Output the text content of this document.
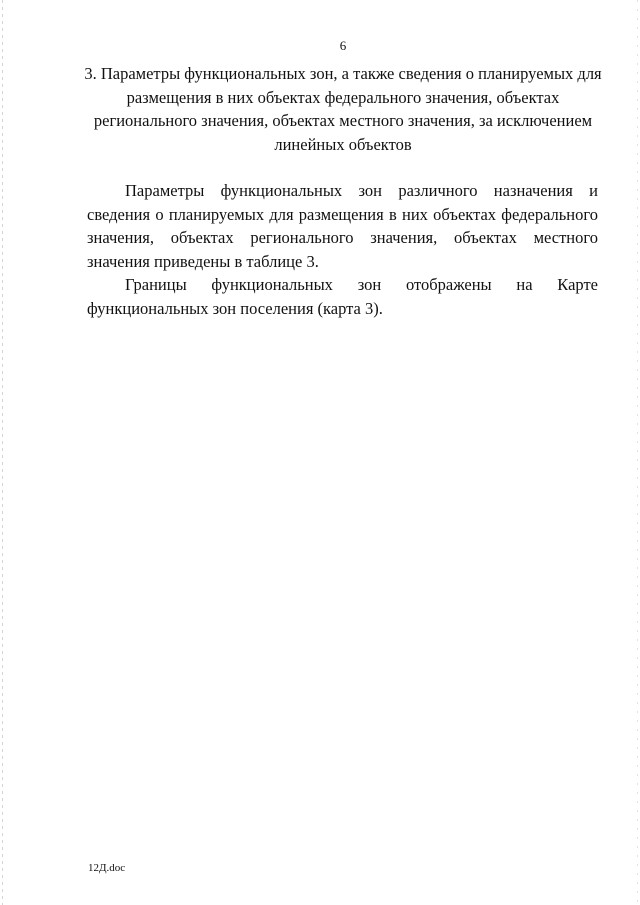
6
3. Параметры функциональных зон, а также сведения о планируемых для размещения в них объектах федерального значения, объектах регионального значения, объектах местного значения, за исключением линейных объектов

Параметры функциональных зон различного назначения и сведения о планируемых для размещения в них объектах федерального значения, объектах регионального значения, объектах местного значения приведены в таблице 3.

Границы функциональных зон отображены на Карте функциональных зон поселения (карта 3).

12Д.doc
